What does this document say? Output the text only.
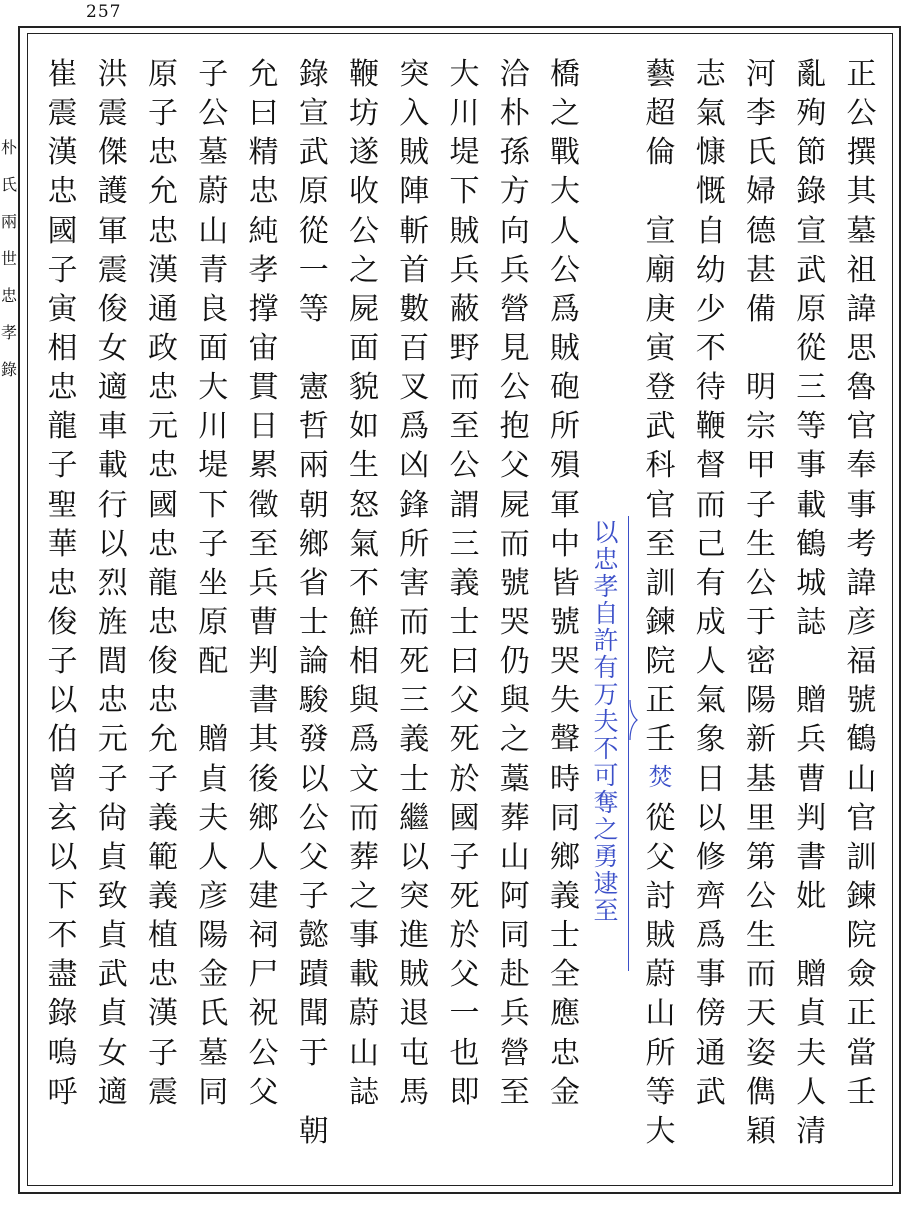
257
朴
氏
兩
世
忠
孝
錄
正
公
撰
其
墓
祖
諱
思
魯
官
奉
事
考
諱
彦
福
號
鶴
山
官
訓
鍊
院
僉
正
當
壬
亂
殉
節
錄
宣
武
原
從
三
等
事
載
鶴
城
誌
贈
兵
曹
判
書
妣
贈
貞
夫
人
清
河
李
氏
婦
德
甚
備
明
宗
甲
子
生
公
于
密
陽
新
基
里
第
公
生
而
天
姿
儁
穎
志
氣
慷
慨
自
幼
少
不
待
鞭
督
而
己
有
成
人
氣
象
日
以
修
齊
爲
事
傍
通
武
藝
超
倫
宣
廟
庚
寅
登
武
科
官
至
訓
鍊
院
正
壬
焚
從
父
討
賊
蔚
山
所
等
大
橋
之
戰
大
人
公
爲
賊
砲
所
殞
軍
中
皆
號
哭
失
聲
時
同
鄉
義
士
全
應
忠
金
洽
朴
孫
方
向
兵
營
見
公
抱
父
屍
而
號
哭
仍
與
之
藁
葬
山
阿
同
赴
兵
營
至
大
川
堤
下
賊
兵
蔽
野
而
至
公
謂
三
義
士
曰
父
死
於
國
子
死
於
父
一
也
即
突
入
賊
陣
斬
首
數
百
叉
爲
凶
鋒
所
害
而
死
三
義
士
繼
以
突
進
賊
退
屯
馬
鞭
坊
遂
收
公
之
屍
面
貌
如
生
怒
氣
不
鮮
相
與
爲
文
而
葬
之
事
載
蔚
山
誌
錄
宣
武
原
從
一
等
憲
哲
兩
朝
鄉
省
士
論
駿
發
以
公
父
子
懿
蹟
聞
于
朝
允
曰
精
忠
純
孝
撑
宙
貫
日
累
徵
至
兵
曹
判
書
其
後
鄉
人
建
祠
尸
祝
公
父
子
公
墓
蔚
山
青
良
面
大
川
堤
下
子
坐
原
配
贈
貞
夫
人
彦
陽
金
氏
墓
同
原
子
忠
允
忠
漢
通
政
忠
元
忠
國
忠
龍
忠
俊
忠
允
子
義
範
義
植
忠
漢
子
震
洪
震
傑
護
軍
震
俊
女
適
車
載
行
以
烈
旌
閭
忠
元
子
尙
貞
致
貞
武
貞
女
適
崔
震
漢
忠
國
子
寅
相
忠
龍
子
聖
華
忠
俊
子
以
伯
曾
玄
以
下
不
盡
錄
嗚
呼
以
忠
孝
自
許
有
万
夫
不
可
奪
之
勇
逮
至
